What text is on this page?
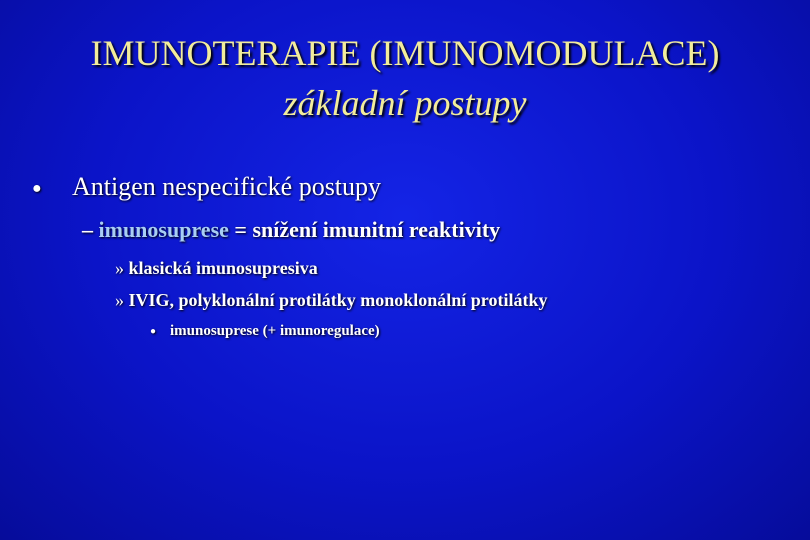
IMUNOTERAPIE (IMUNOMODULACE)
základní postupy
● Antigen nespecifické postupy
– imunosuprese = snížení imunitní reaktivity
» klasická imunosupresiva
» IVIG, polyklonální protilátky monoklonální protilátky
● imunosuprese (+ imunoregulace)
